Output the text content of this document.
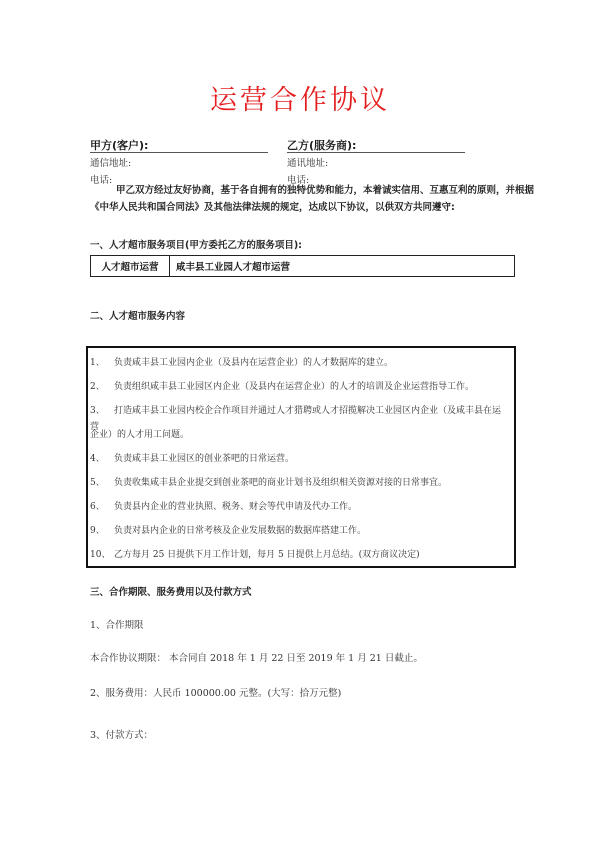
运营合作协议
甲方(客户):
通信地址:
电话:
乙方(服务商):
通讯地址:
电话:
甲乙双方经过友好协商，基于各自拥有的独特优势和能力，本着诚实信用、互惠互利的原则，并根据
《中华人民共和国合同法》及其他法律法规的规定，达成以下协议，以供双方共同遵守:
一、人才超市服务项目(甲方委托乙方的服务项目):
人才超市运营	咸丰县工业园人才超市运营
二、人才超市服务内容
1、 负责咸丰县工业园内企业（及县内在运营企业）的人才数据库的建立。
2、 负责组织咸丰县工业园区内企业（及县内在运营企业）的人才的培训及企业运营指导工作。
3、 打造咸丰县工业园内校企合作项目并通过人才猎聘或人才招揽解决工业园区内企业（及咸丰县在运营
企业）的人才用工问题。
4、 负责咸丰县工业园区的创业茶吧的日常运营。
5、 负责收集咸丰县企业提交到创业茶吧的商业计划书及组织相关资源对接的日常事宜。
6、 负责县内企业的营业执照、税务、财会等代申请及代办工作。
9、 负责对县内企业的日常考核及企业发展数据的数据库搭建工作。
10、 乙方每月 25 日提供下月工作计划，每月 5 日提供上月总结。(双方商议决定)
三、合作期限、服务费用以及付款方式
1、合作期限
本合作协议期限： 本合同自 2018 年 1 月 22 日至 2019 年 1 月 21 日截止。
2、服务费用：人民币 100000.00 元整。(大写：拾万元整)
3、付款方式：
